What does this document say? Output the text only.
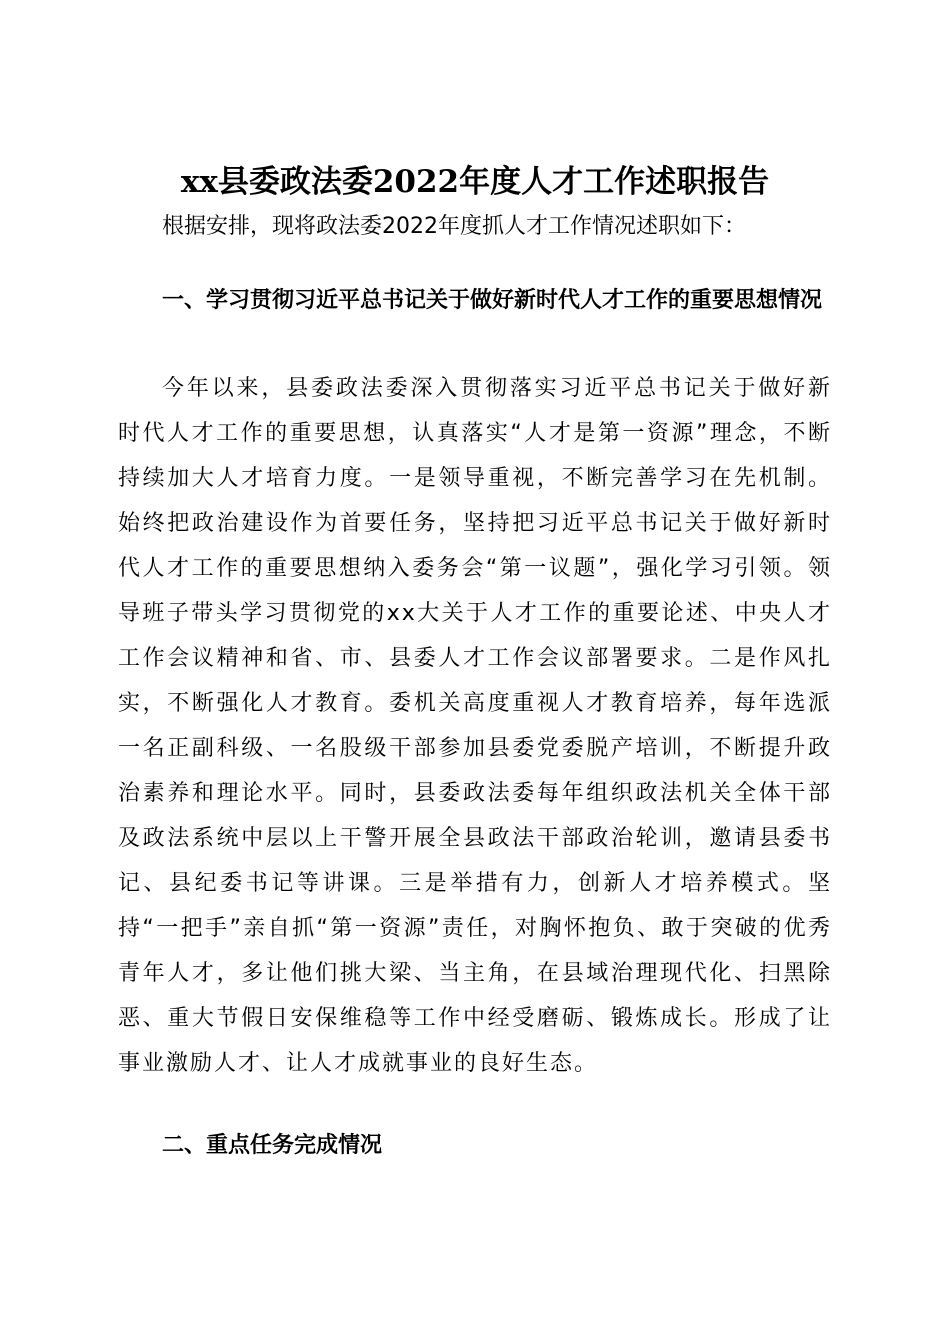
xx县委政法委2022年度人才工作述职报告

根据安排，现将政法委2022年度抓人才工作情况述职如下：

一、学习贯彻习近平总书记关于做好新时代人才工作的重要思想情况

今年以来，县委政法委深入贯彻落实习近平总书记关于做好新时代人才工作的重要思想，认真落实“人才是第一资源”理念，不断持续加大人才培育力度。一是领导重视，不断完善学习在先机制。始终把政治建设作为首要任务，坚持把习近平总书记关于做好新时代人才工作的重要思想纳入委务会“第一议题”，强化学习引领。领导班子带头学习贯彻党的xx大关于人才工作的重要论述、中央人才工作会议精神和省、市、县委人才工作会议部署要求。二是作风扎实，不断强化人才教育。委机关高度重视人才教育培养，每年选派一名正副科级、一名股级干部参加县委党委脱产培训，不断提升政治素养和理论水平。同时，县委政法委每年组织政法机关全体干部及政法系统中层以上干警开展全县政法干部政治轮训，邀请县委书记、县纪委书记等讲课。三是举措有力，创新人才培养模式。坚持“一把手”亲自抓“第一资源”责任，对胸怀抱负、敢于突破的优秀青年人才，多让他们挑大梁、当主角，在县域治理现代化、扫黑除恶、重大节假日安保维稳等工作中经受磨砺、锻炼成长。形成了让事业激励人才、让人才成就事业的良好生态。

二、重点任务完成情况
